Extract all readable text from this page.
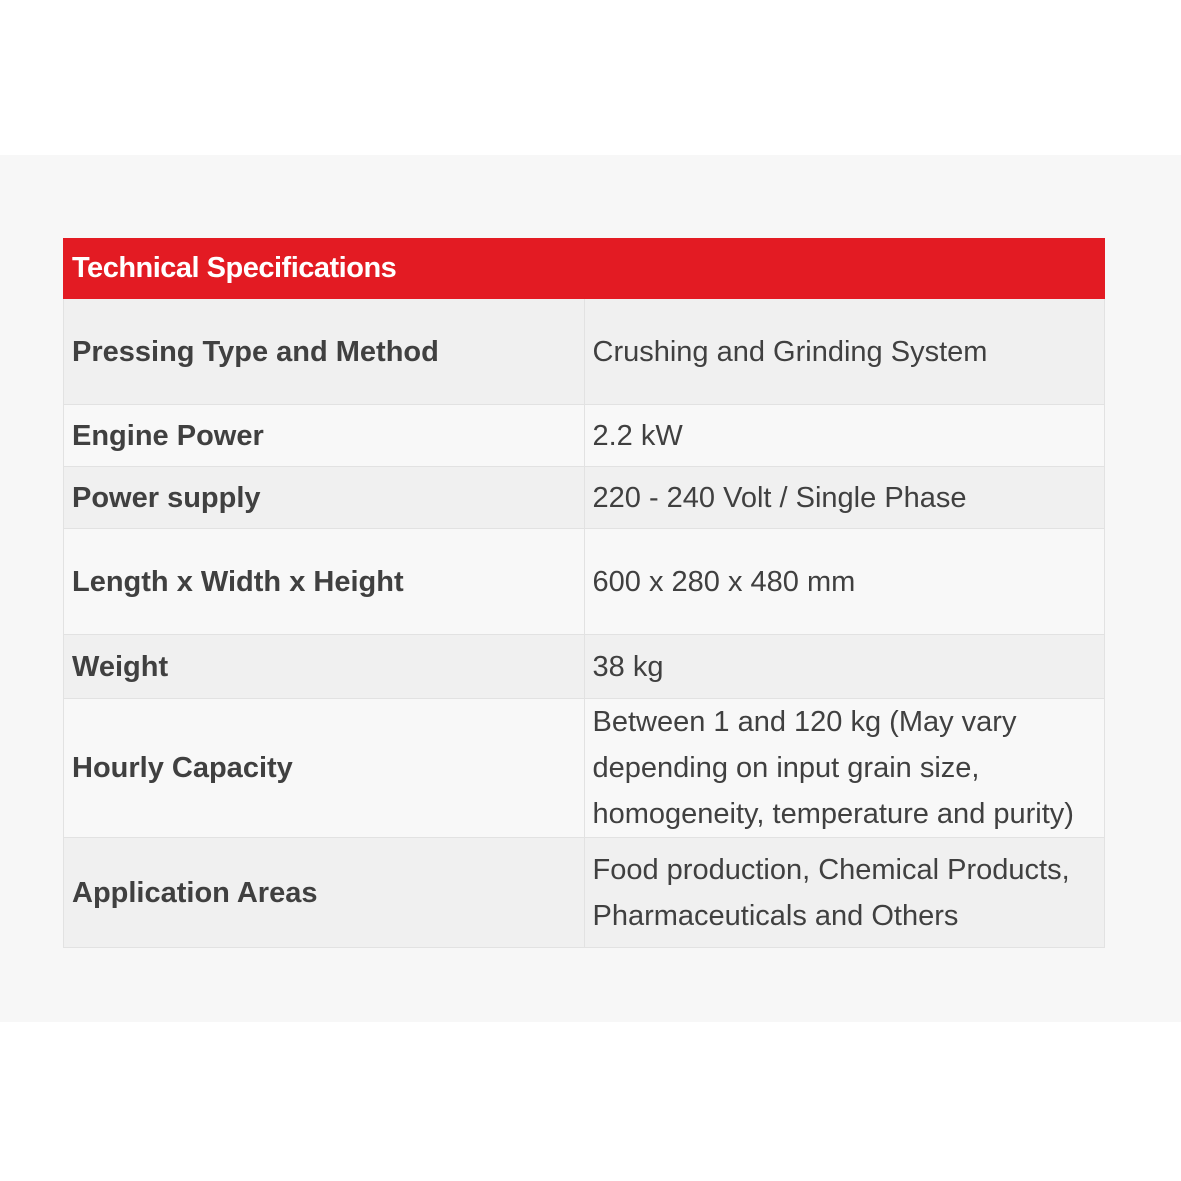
Technical Specifications	
Pressing Type and Method	Crushing and Grinding System
Engine Power	2.2 kW
Power supply	220 - 240 Volt / Single Phase
Length x Width x Height	600 x 280 x 480 mm
Weight	38 kg
Hourly Capacity	Between 1 and 120 kg (May vary depending on input grain size, homogeneity, temperature and purity)
Application Areas	Food production, Chemical Products, Pharmaceuticals and Others
